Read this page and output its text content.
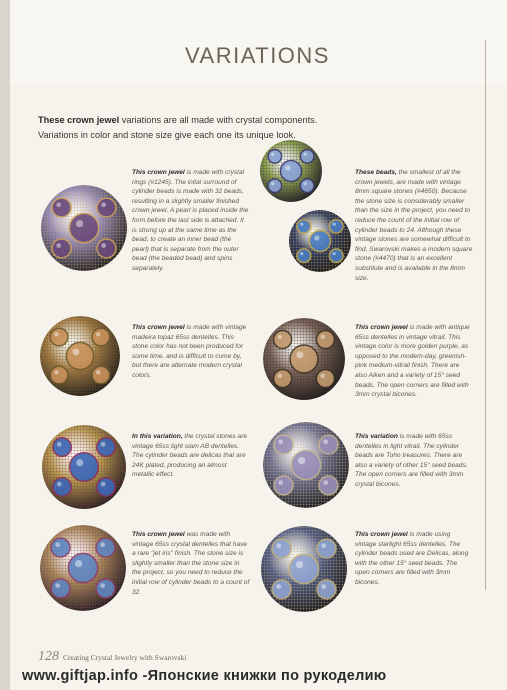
VARIATIONS
These crown jewel variations are all made with crystal components. Variations in color and stone size give each one its unique look.
This crown jewel is made with crystal rings (#1245). The inital surround of cylinder beads is made with 32 beads, resulting in a slightly smaller finished crown jewel. A pearl is placed inside the form before the last side is attached. It is strung up at the same time as the bead, to create an inner bead (the pearl) that is separate from the outer bead (the beaded bead) and spins separately.
These beads, the smallest of all the crown jewels, are made with vintage 8mm square stones (#4650). Because the stone size is considerably smaller than the size in the project, you need to reduce the count of the initial row of cylinder beads to 24. Although these vintage stones are somewhat difficult to find, Swarovski makes a modern square stone (#4470) that is an excellent substitute and is available in the 8mm size.
This crown jewel is made with vintage madeira topaz 65ss dentelles. This stone color has not been produced for some time, and is difficult to come by, but there are alternate modern crystal colors.
This crown jewel is made with antique 65ss dentelles in vintage vitrail. This vintage color is more golden purple, as opposed to the modern-day, greenish-pink medium-vitrail finish. There are also Aiken and a variety of 15° seed beads. The open corners are filled with 3mm crystal bicones.
In this variation, the crystal stones are vintage 65ss light siam AB dentelles. The cylinder beads are delicas that are 24K plated, producing an almost metallic effect.
This variation is made with 65ss dentelles in light vitrail. The cylinder beads are Toho treasures. There are also a variety of other 15° seed beads. The open corners are filled with 3mm crystal bicones.
This crown jewel was made with vintage 65ss crystal dentelles that have a rare "jet iris" finish. The stone size is slightly smaller than the stone size in the project, so you need to reduce the initial row of cylinder beads to a count of 32.
This crown jewel is made using vintage starlight 65ss dentelles. The cylinder beads used are Delicas, along with the other 15° seed beads. The open corners are filled with 3mm bicones.
128 Creating Crystal Jewelry with Swarovski
www.giftjap.info -Японские книжки по рукоделию
